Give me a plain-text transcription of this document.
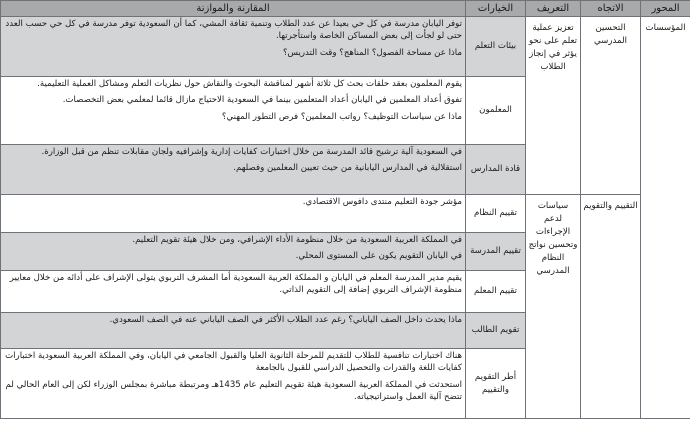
المحور	الاتجاه	التعريف	الخيارات	المقارنة والموازنة
المؤسسات	التحسين المدرسي	تعزيز عملية تعلم على نحو يؤثر في إنجاز الطلاب	بيئات التعلم	توفر اليابان مدرسة في كل حي بعيدا عن عدد الطلاب وتنمية ثقافة المشي، كما أن السعودية توفر مدرسة في كل حي حسب العدد حتى لو لجأت إلى بعض المساكن الخاصة واستأجرتها.

ماذا عن مساحة الفصول؟ المناهج؟ وقت التدريس؟

			المعلمون	يقوم المعلمون بعقد حلقات بحث كل ثلاثة أشهر لمناقشة البحوث والنقاش حول نظريات التعلم ومشاكل العملية التعليمية.

تفوق أعداد المعلمين في اليابان أعداد المتعلمين بينما في السعودية الاحتياج مازال قائما لمعلمي بعض التخصصات.

ماذا عن سياسات التوظيف؟ رواتب المعلمين؟ فرص التطور المهني؟

			قادة المدارس	في السعودية آلية ترشيح قائد المدرسة من خلال اختبارات كفايات إدارية وإشرافيه ولجان مقابلات تنظم من قبل الوزارة.

استقلالية في المدارس اليابانية من حيث تعيين المعلمين وفصلهم.

	التقييم والتقويم	سياسات لدعم الإجراءات وتحسين نواتج النظام المدرسي	تقييم النظام	مؤشر جودة التعليم منتدى دافوس الاقتصادي.

			تقييم المدرسة	في المملكة العربية السعودية من خلال منظومة الأداء الإشرافي، ومن خلال هيئة تقويم التعليم.

في اليابان التقويم يكون على المستوى المحلي.

			تقييم المعلم	يقيم مدير المدرسة المعلم في اليابان و المملكة العربية السعودية أما المشرف التربوي يتولى الإشراف على أدائه من خلال معايير منظومة الإشراف التربوي إضافة إلى التقويم الذاتي.

			تقويم الطالب	ماذا يحدث داخل الصف الياباني؟ رغم عدد الطلاب الأكثر في الصف الياباني عنه في الصف السعودي.

			أطر التقويم والتقييم	هناك اختبارات تنافسية للطلاب للتقديم للمرحلة الثانوية العليا والقبول الجامعي في اليابان، وفي المملكة العربية السعودية اختبارات كفايات اللغة والقدرات والتحصيل الدراسي للقبول بالجامعة

استحدثت في المملكة العربية السعودية هيئة تقويم التعليم عام 1435هـ ومرتبطة مباشرة بمجلس الوزراء لكن إلى العام الحالي لم تتضح آلية العمل واستراتيجياته.
